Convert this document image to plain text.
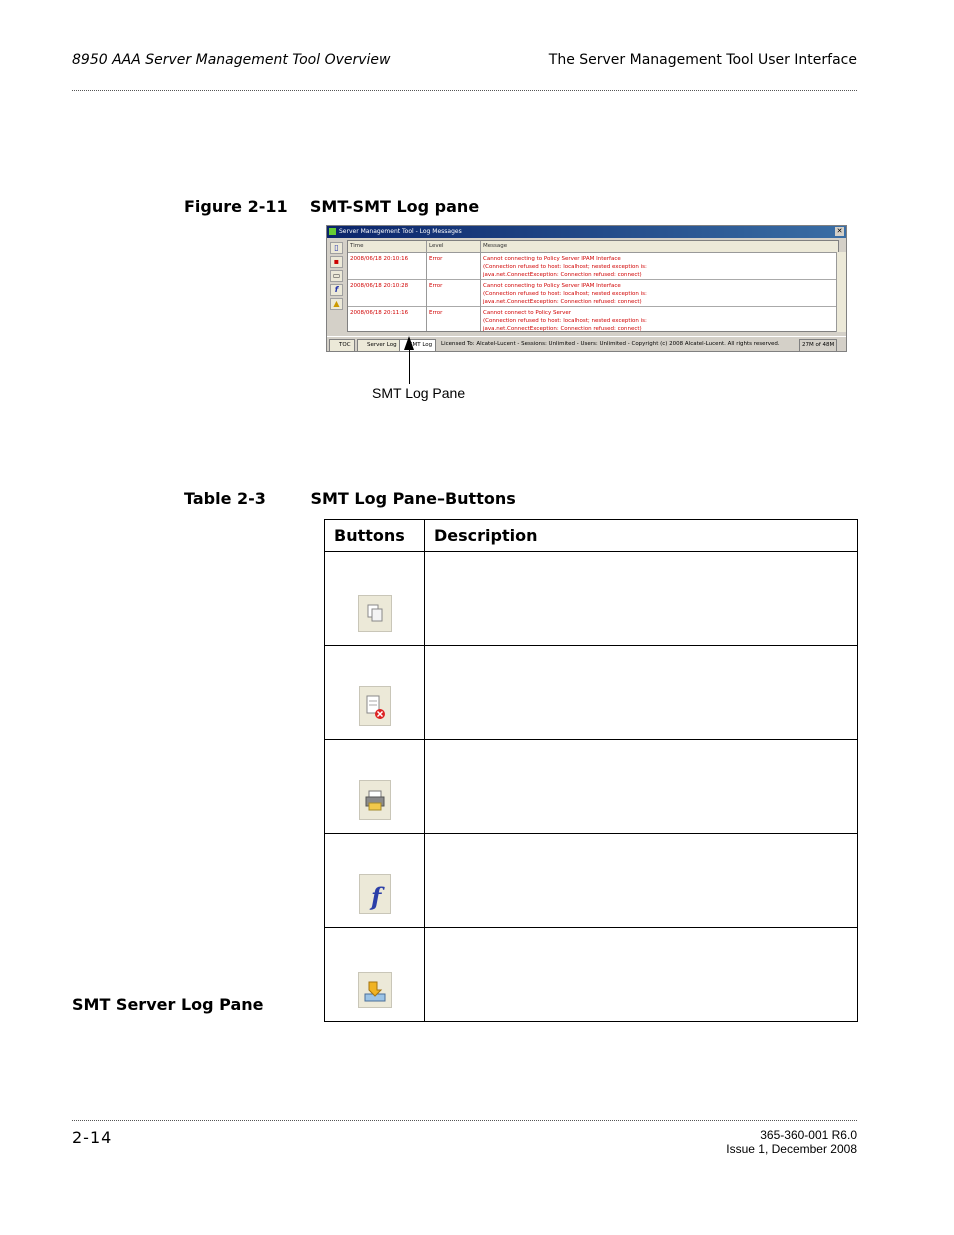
8950 AAA Server Management Tool Overview	The Server Management Tool User Interface
Figure 2-11    SMT-SMT Log pane
Server Management Tool - Log Messages	✕
▯
▪
▭
f
▲
Time	Level	Message
2008/06/18 20:10:16	Error	Cannot connecting to Policy Server IPAM Interface
(Connection refused to host: localhost; nested exception is:
java.net.ConnectException: Connection refused: connect)
2008/06/18 20:10:28	Error	Cannot connecting to Policy Server IPAM Interface
(Connection refused to host: localhost; nested exception is:
java.net.ConnectException: Connection refused: connect)
2008/06/18 20:11:16	Error	Cannot connect to Policy Server
(Connection refused to host: localhost; nested exception is:
java.net.ConnectException: Connection refused: connect)
TOC	Server Log	SMT Log	Licensed To: Alcatel-Lucent - Sessions: Unlimited - Users: Unlimited - Copyright (c) 2008 Alcatel-Lucent. All rights reserved.	27M of 48M
SMT Log Pane
Table 2-3        SMT Log Pane–Buttons
Buttons	Description

f	

SMT Server Log Pane
2-14	365-360-001 R6.0
Issue 1, December 2008
